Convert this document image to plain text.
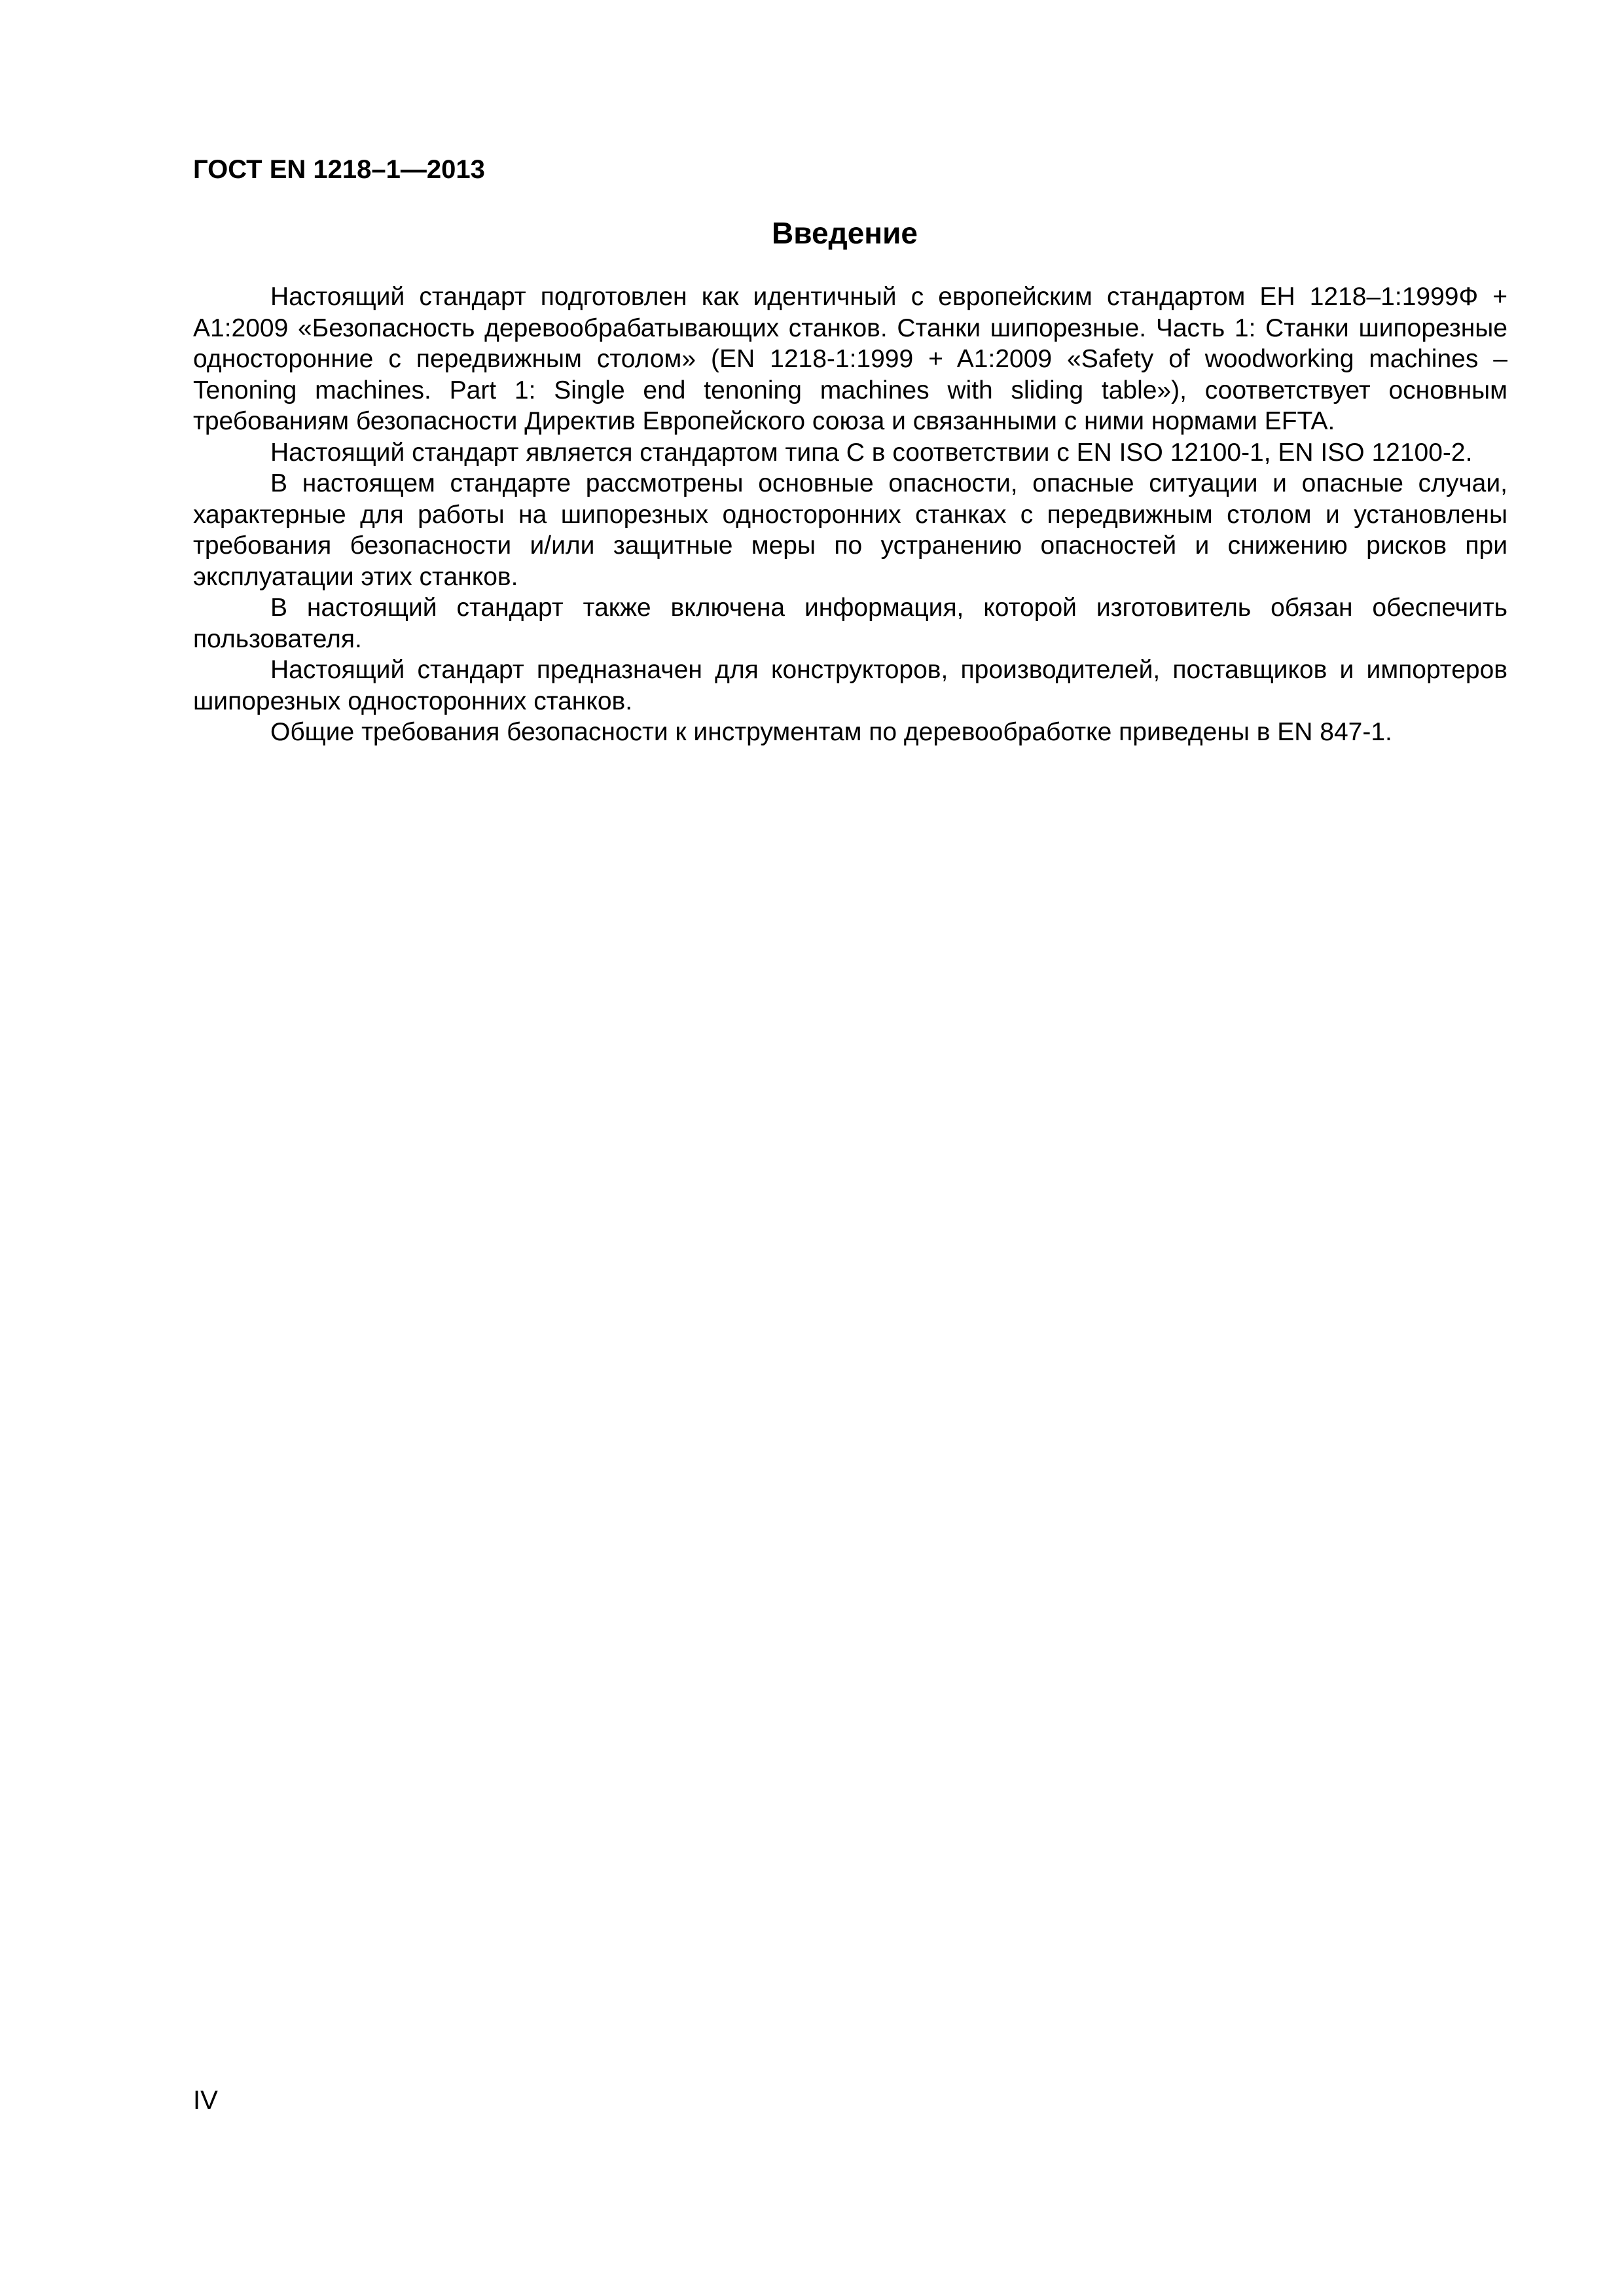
ГОСТ EN 1218–1—2013
Введение

Настоящий стандарт подготовлен как идентичный с европейским стандартом ЕН 1218–1:1999Ф + А1:2009 «Безопасность деревообрабатывающих станков. Станки шипорезные. Часть 1: Станки шипорезные односторонние с передвижным столом» (EN 1218-1:1999 + A1:2009 «Safety of woodworking machines – Tenoning machines. Part 1: Single end tenoning machines with sliding table»), соответствует основным требованиям безопасности Директив Европейского союза и связанными с ними нормами EFTA.

Настоящий стандарт является стандартом типа С в соответствии с EN ISO 12100-1, EN ISO 12100-2.

В настоящем стандарте рассмотрены основные опасности, опасные ситуации и опасные случаи, характерные для работы на шипорезных односторонних станках с передвижным столом и установлены требования безопасности и/или защитные меры по устранению опасностей и снижению рисков при эксплуатации этих станков.

В настоящий стандарт также включена информация, которой изготовитель обязан обеспечить пользователя.

Настоящий стандарт предназначен для конструкторов, производителей, поставщиков и импортеров шипорезных односторонних станков.

Общие требования безопасности к инструментам по деревообработке приведены в EN 847-1.

IV
